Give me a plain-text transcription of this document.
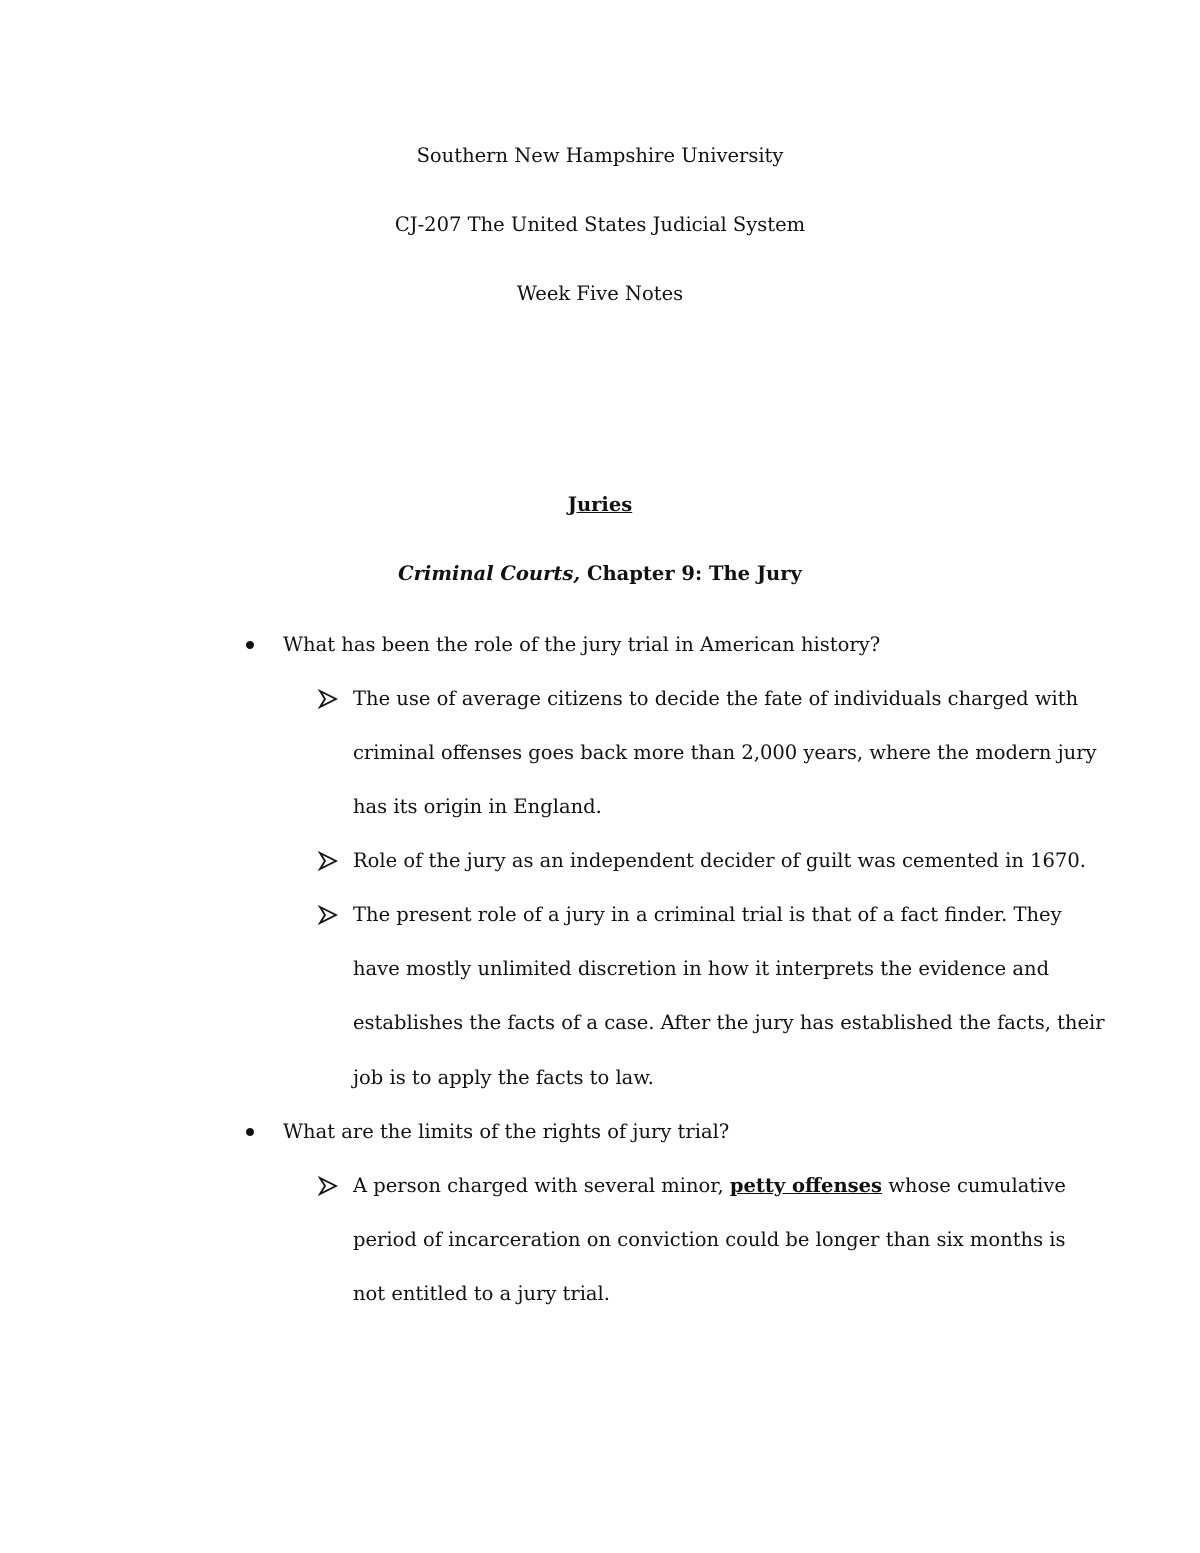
Southern New Hampshire University
CJ-207 The United States Judicial System
Week Five Notes
Juries
Criminal Courts, Chapter 9: The Jury
What has been the role of the jury trial in American history?
The use of average citizens to decide the fate of individuals charged with
criminal offenses goes back more than 2,000 years, where the modern jury
has its origin in England.
Role of the jury as an independent decider of guilt was cemented in 1670.
The present role of a jury in a criminal trial is that of a fact finder. They
have mostly unlimited discretion in how it interprets the evidence and
establishes the facts of a case. After the jury has established the facts, their
job is to apply the facts to law.
What are the limits of the rights of jury trial?
A person charged with several minor, petty offenses whose cumulative
period of incarceration on conviction could be longer than six months is
not entitled to a jury trial.
